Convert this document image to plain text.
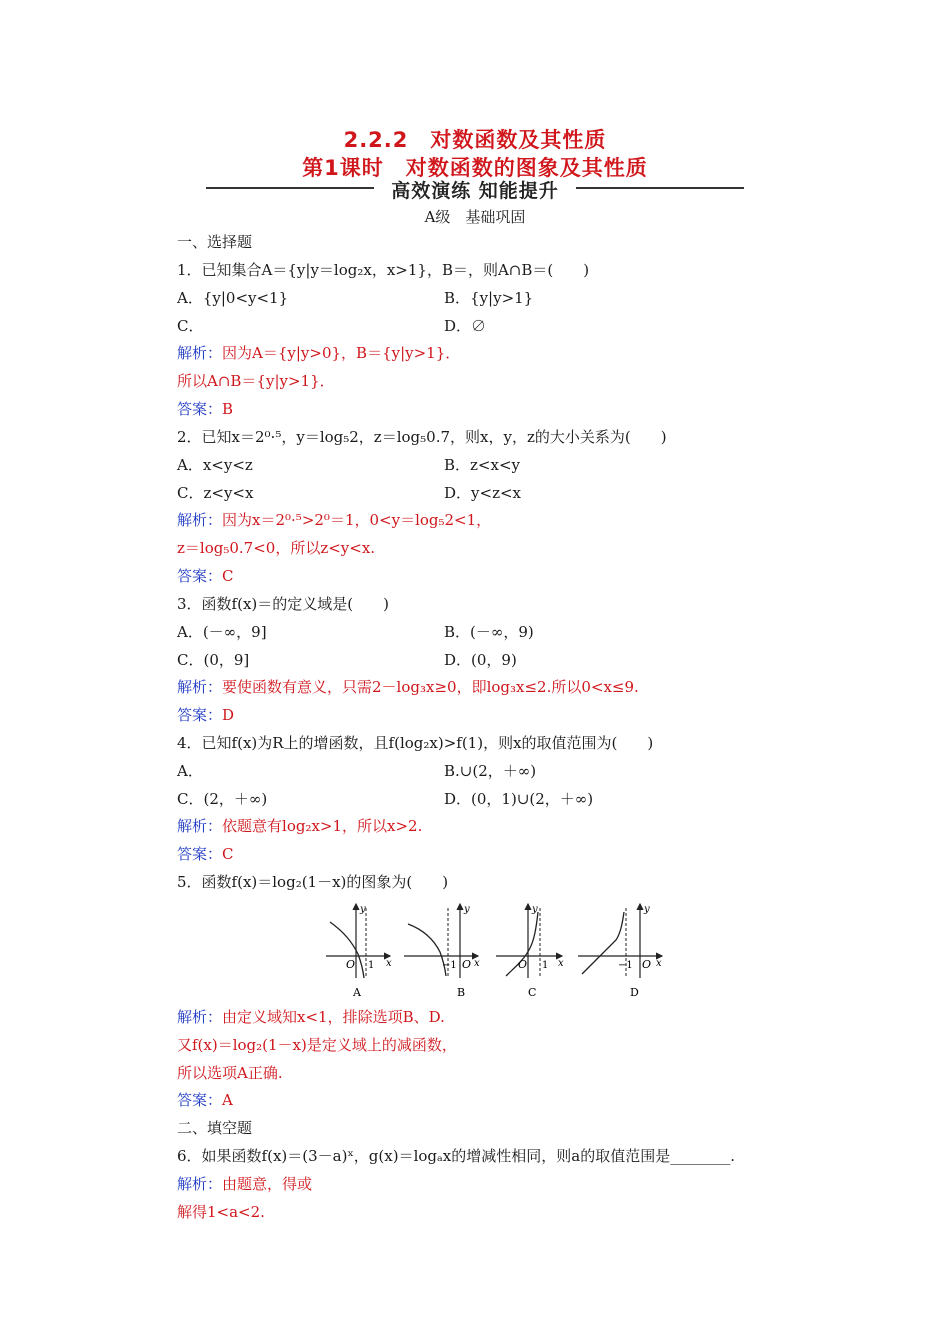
2.2.2　对数函数及其性质
第1课时　对数函数的图象及其性质
高效演练 知能提升
A级　基础巩固
一、选择题
1．已知集合A＝{y|y＝log₂x，x>1}，B＝，则A∩B＝(　　)
A．{y|0<y<1}	B．{y|y>1}
C．	D．∅
解析：因为A＝{y|y>0}，B＝{y|y>1}．
所以A∩B＝{y|y>1}．
答案：B
2．已知x＝2⁰·⁵，y＝log₅2，z＝log₅0.7，则x，y，z的大小关系为(　　)
A．x<y<z	B．z<x<y
C．z<y<x	D．y<z<x
解析：因为x＝2⁰·⁵>2⁰＝1，0<y＝log₅2<1，
z＝log₅0.7<0，所以z<y<x.
答案：C
3．函数f(x)＝的定义域是(　　)
A．(－∞，9]	B．(－∞，9)
C．(0，9]	D．(0，9)
解析：要使函数有意义，只需2－log₃x≥0，即log₃x≤2.所以0<x≤9.
答案：D
4．已知f(x)为R上的增函数，且f(log₂x)>f(1)，则x的取值范围为(　　)
A．	B.∪(2，＋∞)
C．(2，＋∞)	D．(0，1)∪(2，＋∞)
解析：依题意有log₂x>1，所以x>2.
答案：C
5．函数f(x)＝log₂(1－x)的图象为(　　)
y
x
O 1
A
y
x
−1 O
B
y
x
O 1
C
y
x
−1 O
D
解析：由定义域知x<1，排除选项B、D.
又f(x)＝log₂(1－x)是定义域上的减函数，
所以选项A正确.
答案：A
二、填空题
6．如果函数f(x)＝(3－a)ˣ，g(x)＝logₐx的增减性相同，则a的取值范围是________.
解析：由题意，得或
解得1<a<2.
